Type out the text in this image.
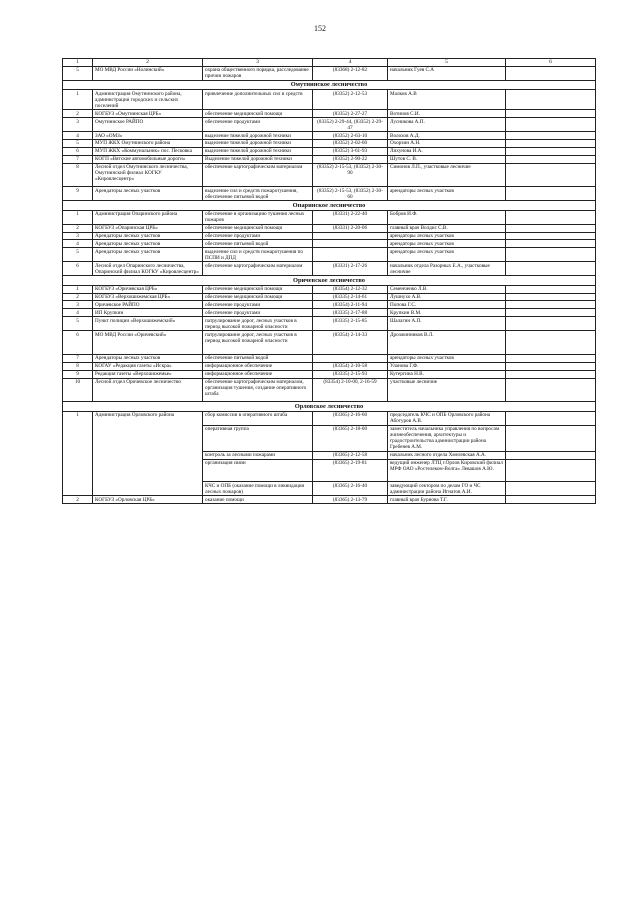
152
1	2	3	4	5	6
5	МО МВД России «Нолинский»	охрана общественного порядка, расследование причин пожаров	(83368) 2-12-82	начальник Гуев С.А	
Омутнинское лесничество					
1	Администрация Омутнинского района, администрации городских и сельских поселений	привлечение дополнительных сил и средств	(83352) 2-12-53	Малков А.В	
2	КОГБУЗ «Омутнинская ЦРБ»	обеспечение медицинской помощи	(83352) 2-27-27	Вотинов С.И.	
3	Омутнинское РАЙПО	обеспечение продуктами	(83352) 2-29-44, (83352) 2-29-47	Лусникова А.П.	
4	ЗАО «ОМЗ»	выделение тяжелой дорожной техники	(83352) 2-63-10	Волохов А.Д.	
5	МУП ЖКХ Омутнинского района	выделение тяжелой дорожной техники	(83352) 2-02-60	Охорзин А.Н.	
6	МУП ЖКХ «Коммунальник» пос. Песковка	выделение тяжелой дорожной техники	(83352) 3-61-93	Лихунова И.А.	
7	КОГП «Вятские автомобильные дороги»	Выделение тяжелой дорожной техники	(83352) 2-90-22	Шутов С. В.	
8	Лесной отдел Омутнинского лесничества, Омутнинский филиал КОГКУ «Кировлесцентр»	обеспечение картографическим материалом	(83352) 2-15-53, (83352) 2-30-90	Симонов Л.П., участковые лесничие	
9	Арендаторы лесных участков	выделение сил и средств пожаротушения, обеспечение питьевой водой	(83352) 2-15-53, (83352) 2-30-60	арендаторы лесных участков	
Опаринское лесничество					
1	Администрация Опаринского района	обеспечение в организацию тушения лесных пожаров	(83331) 2-22-40	Бобров И.Ф.	
2	КОГБУЗ «Опаринская ЦРБ»	обеспечение медицинской помощи	(83331) 2-20-06	главный врач Волдис С.В.	
3	Арендаторы лесных участков	обеспечение продуктами		арендаторы лесных участков	
4	Арендаторы лесных участков	обеспечение питьевой водой		арендаторы лесных участков	
5	Арендаторы лесных участков	выделение сил и средств пожаротушения по ПСПИ и ДПД		арендаторы лесных участков	
6	Лесной отдел Опаринского лесничества, Опаринский филиал КОГКУ «Кировлесцентр»	обеспечение картографическим материалом	(83331) 2-17-26	начальник отдела Разорных Е.А., участковые лесничие	
Оричевское лесничество					
1	КОГБУЗ «Оричевская ЦРБ»	обеспечение медицинской помощи	(83354) 2-12-32	Семенченко Л.В.	
2	КОГБУЗ «Верхошижемская ЦРБ»	обеспечение медицинской помощи	(83335) 2-14-61	Лушнухо А.В.	
3	Оричевское РАЙПО	обеспечение продуктами	(83354) 2-11-94	Попова Г.С.	
4	ИП Крупкин	обеспечение продуктами	(83335) 2-17-88	Крупкин В.М.	
5	Пункт полиции «Верхошижемский»	патрулирование дорог, лесных участков в период высокой пожарной опасности	(83335) 2-15-85	Шалагин А.П.	
6	МО МВД России «Оричевский»	патрулирование дорог, лесных участков в период высокой пожарной опасности	(83354) 2-14-33	Дрозжинников В.Л.	
7	Арендаторы лесных участков	обеспечение питьевой водой		арендаторы лесных участков	
8	КОГАУ «Редакция газеты «Искра»	информационное обеспечение	(83354) 2-10-58	Уланова Г.Ф.	
9	Редакция газеты «Верхошижемье»	информационное обеспечение	(83335) 2-15-93	Кутергина Н.В.	
10	Лесной отдел Оричевское лесничество	обеспечение картографическим материалом, организация тушения, создание оперативного штаба	(83354) 2-10-00, 2-16-59	участковые лесничие	
Орловское лесничество					
1	Администрация Орловского района	сбор комиссии в оперативного штаба	(83365) 2-16-60	председатель КЧС и ОПБ Орловского района Аботуров А.В.	
		оперативная группа	(83365) 2-18-00	заместитель начальника управления по вопросам жизнеобеспечения, архитектуры и градостроительства администрации района Гребенев А.М.	
		контроль за лесными пожарами	(83365) 2-12-58	начальник лесного отдела Хмелевская А.А.	
		организация связи	(83365) 2-19-81	ведущий инженер ЛТЦ г.Орлов Кировский филиал МРФ ОАО «Ростелеком-Волга» Левашов А.Ю.	
		КЧС и ОПБ (оказание помощи в ликвидации лесных пожаров)	(83365) 2-16-40	заведующий сектором по делам ГО и ЧС администрации района Игнатов А.И.	
2	КОГБУЗ «Орловская ЦРБ»	оказание помощи	(83365) 2-13-79	главный врач Бурнова Т.Г.	
